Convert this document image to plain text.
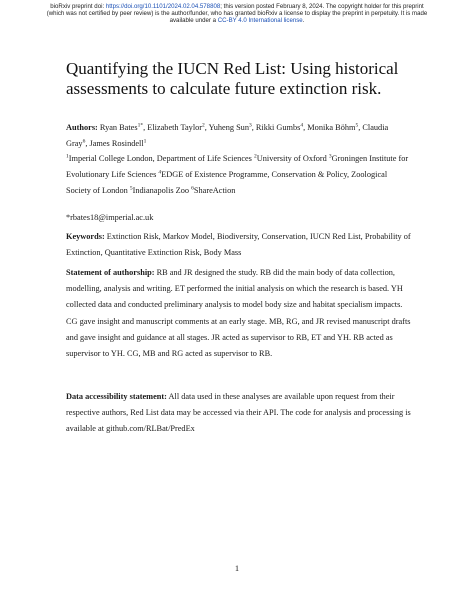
bioRxiv preprint doi: https://doi.org/10.1101/2024.02.04.578808; this version posted February 8, 2024. The copyright holder for this preprint
(which was not certified by peer review) is the author/funder, who has granted bioRxiv a license to display the preprint in perpetuity. It is made
available under a CC-BY 4.0 International license.
Quantifying the IUCN Red List: Using historical assessments to calculate future extinction risk.
Authors: Ryan Bates$^{1*}$, Elizabeth Taylor$^2$, Yuheng Sun$^3$, Rikki Gumbs$^4$, Monika Böhm$^5$, Claudia Gray$^6$, James Rosindell$^1$
$^1$Imperial College London, Department of Life Sciences $^2$University of Oxford $^3$Groningen Institute for Evolutionary Life Sciences $^4$EDGE of Existence Programme, Conservation & Policy, Zoological Society of London $^5$Indianapolis Zoo $^6$ShareAction
*rbates18@imperial.ac.uk
Keywords: Extinction Risk, Markov Model, Biodiversity, Conservation, IUCN Red List, Probability of Extinction, Quantitative Extinction Risk, Body Mass
Statement of authorship: RB and JR designed the study. RB did the main body of data collection, modelling, analysis and writing. ET performed the initial analysis on which the research is based. YH collected data and conducted preliminary analysis to model body size and habitat specialism impacts. CG gave insight and manuscript comments at an early stage. MB, RG, and JR revised manuscript drafts and gave insight and guidance at all stages. JR acted as supervisor to RB, ET and YH. RB acted as supervisor to YH. CG, MB and RG acted as supervisor to RB.
Data accessibility statement: All data used in these analyses are available upon request from their respective authors, Red List data may be accessed via their API. The code for analysis and processing is available at github.com/RLBat/PredEx
1
